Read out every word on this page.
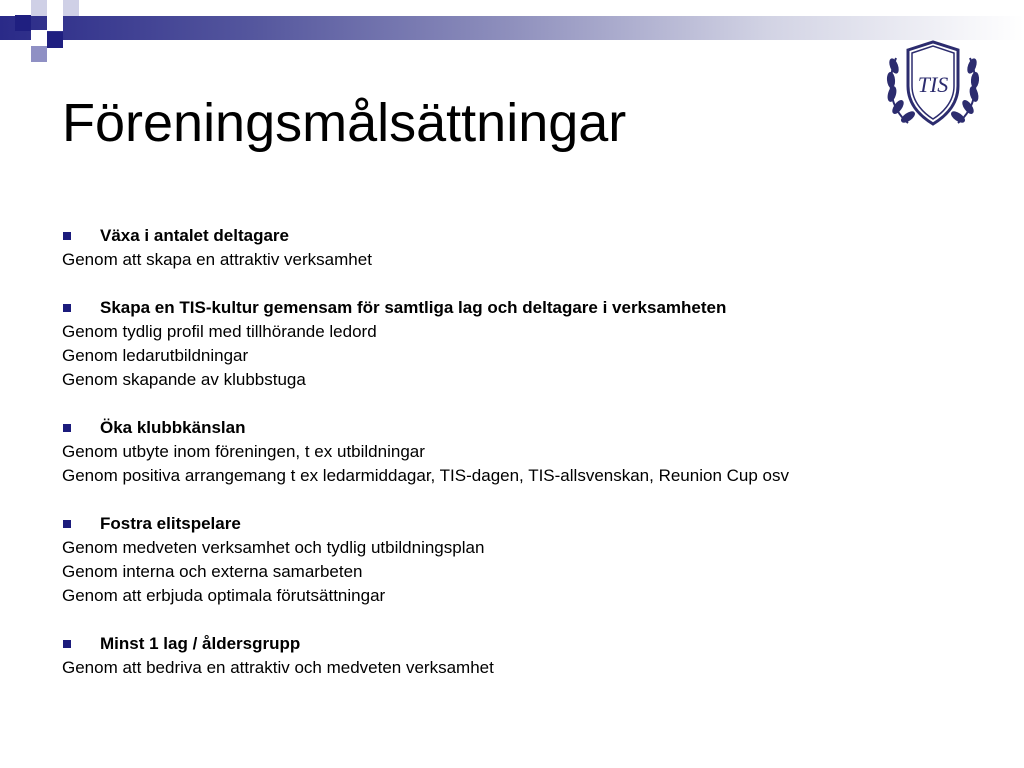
TIS
Föreningsmålsättningar
Växa i antalet deltagare
Genom att skapa en attraktiv verksamhet
Skapa en TIS-kultur gemensam för samtliga lag och deltagare i verksamheten
Genom tydlig profil med tillhörande ledord
Genom ledarutbildningar
Genom skapande av klubbstuga
Öka klubbkänslan
Genom utbyte inom föreningen, t ex utbildningar
Genom positiva arrangemang t ex ledarmiddagar, TIS-dagen, TIS-allsvenskan, Reunion Cup osv
Fostra elitspelare
Genom medveten verksamhet och tydlig utbildningsplan
Genom interna och externa samarbeten
Genom att erbjuda optimala förutsättningar
Minst 1 lag / åldersgrupp
Genom att bedriva en attraktiv och medveten verksamhet
